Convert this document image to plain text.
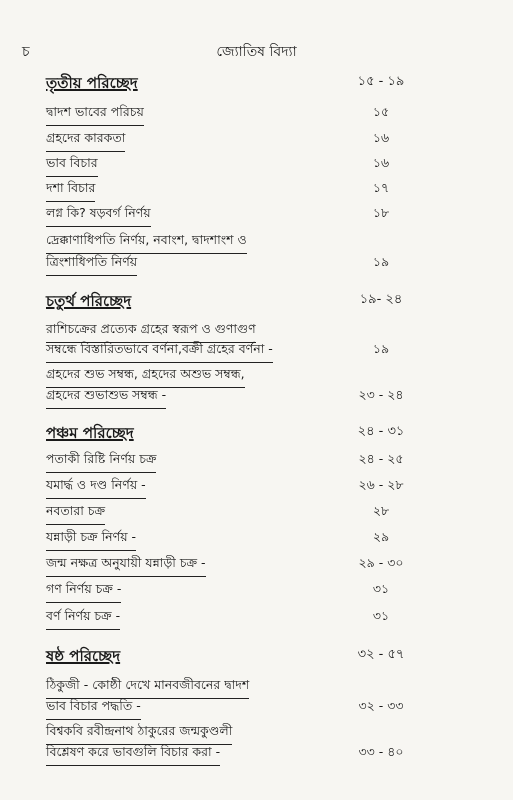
চ	জ্যোতিষ বিদ্যা
তৃতীয় পরিচ্ছেদ	১৫ - ১৯
দ্বাদশ ভাবের পরিচয়	১৫
গ্রহদের কারকতা	১৬
ভাব বিচার	১৬
দশা বিচার	১৭
লগ্ন কি? ষড়বর্গ নির্ণয়	১৮
দ্রেক্কাণাধিপতি নির্ণয়, নবাংশ, দ্বাদশাংশ ও
ত্রিংশাধিপতি নির্ণয়	১৯
চতুর্থ পরিচ্ছেদ	১৯- ২৪
রাশিচক্রের প্রত্যেক গ্রহের স্বরূপ ও গুণাগুণ
সম্বন্ধে বিস্তারিতভাবে বর্ণনা,বক্রী গ্রহের বর্ণনা -	১৯
গ্রহদের শুভ সম্বন্ধ, গ্রহদের অশুভ সম্বন্ধ,
গ্রহদের শুভাশুভ সম্বন্ধ -	২৩ - ২৪
পঞ্চম পরিচ্ছেদ	২৪ - ৩১
পতাকী রিষ্টি নির্ণয় চক্র	২৪ - ২৫
যমার্দ্ধ ও দণ্ড নির্ণয় -	২৬ - ২৮
নবতারা চক্র	২৮
যন্নাড়ী চক্র নির্ণয় -	২৯
জন্ম নক্ষত্র অনুযায়ী যন্নাড়ী চক্র -	২৯ - ৩০
গণ নির্ণয় চক্র -	৩১
বর্ণ নির্ণয় চক্র -	৩১
ষষ্ঠ পরিচ্ছেদ	৩২ - ৫৭
ঠিকুজী - কোষ্ঠী দেখে মানবজীবনের দ্বাদশ
ভাব বিচার পদ্ধতি -	৩২ - ৩৩
বিশ্বকবি রবীন্দ্রনাথ ঠাকুরের জন্মকুণ্ডলী
বিশ্লেষণ করে ভাবগুলি বিচার করা -	৩৩ - ৪০
